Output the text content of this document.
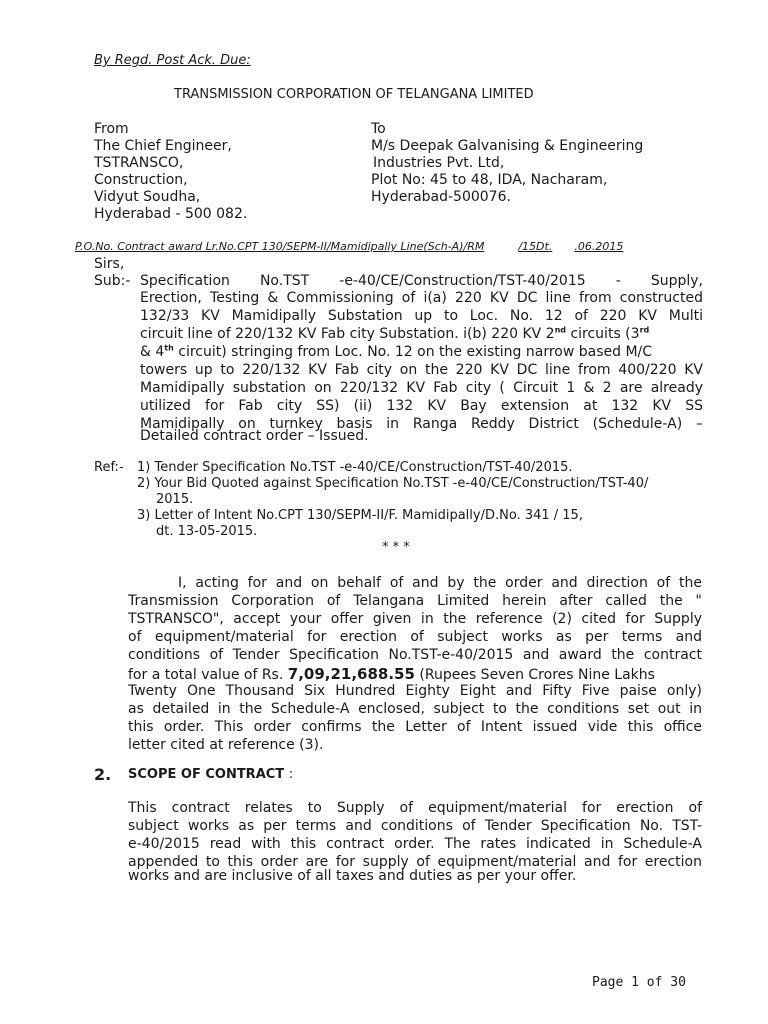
By Regd. Post Ack. Due:
TRANSMISSION CORPORATION OF TELANGANA LIMITED
From
The Chief Engineer,
TSTRANSCO,
Construction,
Vidyut Soudha,
Hyderabad - 500 082.
To
M/s Deepak Galvanising & Engineering
Industries Pvt. Ltd,
Plot No: 45 to 48, IDA, Nacharam,
Hyderabad-500076.
P.O.No. Contract award Lr.No.CPT 130/SEPM-II/Mamidipally Line(Sch-A)/RM	/15Dt. .06.2015
Sirs,
Sub:- Specification No.TST -e-40/CE/Construction/TST-40/2015 - Supply,
Erection, Testing & Commissioning of i(a) 220 KV DC line from constructed
132/33 KV Mamidipally Substation up to Loc. No. 12 of 220 KV Multi
circuit line of 220/132 KV Fab city Substation. i(b) 220 KV 2nd circuits (3rd
& 4th circuit) stringing from Loc. No. 12 on the existing narrow based M/C
towers up to 220/132 KV Fab city on the 220 KV DC line from 400/220 KV
Mamidipally substation on 220/132 KV Fab city ( Circuit 1 & 2 are already
utilized for Fab city SS) (ii) 132 KV Bay extension at 132 KV SS
Mamidipally on turnkey basis in Ranga Reddy District (Schedule-A) –
Detailed contract order – Issued.
Ref:- 1) Tender Specification No.TST -e-40/CE/Construction/TST-40/2015.
2) Your Bid Quoted against Specification No.TST -e-40/CE/Construction/TST-40/
2015.
3) Letter of Intent No.CPT 130/SEPM-II/F. Mamidipally/D.No. 341 / 15,
dt. 13-05-2015.
* * *
I, acting for and on behalf of and by the order and direction of the
Transmission Corporation of Telangana Limited herein after called the "
TSTRANSCO", accept your offer given in the reference (2) cited for Supply
of equipment/material for erection of subject works as per terms and
conditions of Tender Specification No.TST-e-40/2015 and award the contract
for a total value of Rs. 7,09,21,688.55 (Rupees Seven Crores Nine Lakhs
Twenty One Thousand Six Hundred Eighty Eight and Fifty Five paise only)
as detailed in the Schedule-A enclosed, subject to the conditions set out in
this order. This order confirms the Letter of Intent issued vide this office
letter cited at reference (3).
2. SCOPE OF CONTRACT :
This contract relates to Supply of equipment/material for erection of
subject works as per terms and conditions of Tender Specification No. TST-
e-40/2015 read with this contract order. The rates indicated in Schedule-A
appended to this order are for supply of equipment/material and for erection
works and are inclusive of all taxes and duties as per your offer.
Page 1 of 30
